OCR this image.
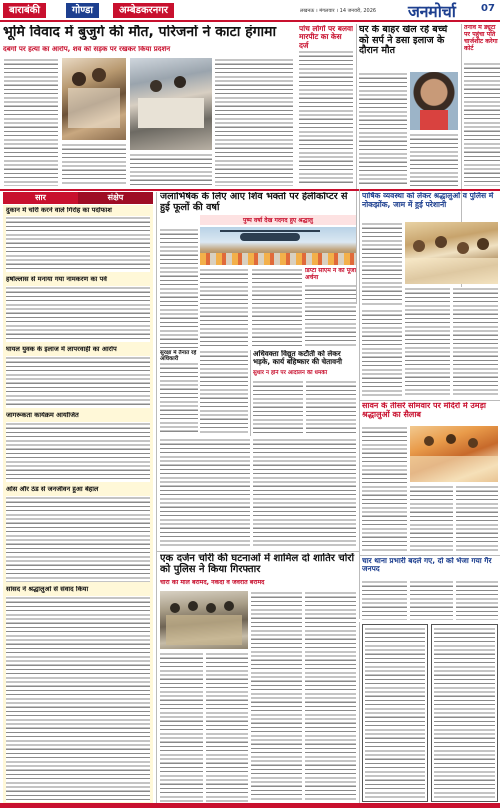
बाराबंकी	गोण्डा	अम्बेडकरनगर	लखनऊ । मंगलवार । 14 जनवरी, 2026 जनमोर्चा	07
भूमि विवाद में बुजुर्ग की मौत, परिजनों ने काटा हंगामा
दबंगों पर हत्या का आरोप, शव को सड़क पर रखकर किया प्रदर्शन
पांच लोगों पर बलवा मारपीट का केस दर्ज
घर के बाहर खेल रहे बच्चे को सर्प ने डसा इलाज के दौरान मौत
तनाव में ड्यूटी पर पहुंचा पति चार्जशीट करेगा कोर्ट
सार	संक्षेप
दुकान में चोरी करने वाले गिरोह का पर्दाफाश
हर्षोल्लास से मनाया गया नामकरण का पर्व
घायल युवक के इलाज में लापरवाही का आरोप
जागरूकता कार्यक्रम आयोजित
ओस और ठंड से जनजीवन हुआ बेहाल
सांसद ने श्रद्धालुओं से संवाद किया
जलाभिषेक के लिए आए शिव भक्तों पर हेलीकॉप्टर से हुई फूलों की वर्षा
पुष्प वर्षा देख गदगद हुए श्रद्धालु
डिप्टी सीएम ने की पूजा अर्चना
सुरक्षा में तैनात रहे अधिकारी
अधिवक्ता विद्युत कटौती को लेकर भड़के, कार्य बहिष्कार की चेतावनी
सुधार न होने पर आंदोलन की धमकी
पार्षिक व्यवस्था को लेकर श्रद्धालुओं व पुलिस में नोकझोंक, जाम में हुई परेशानी
सावन के तीसरे सोमवार पर मंदिरों में उमड़ा श्रद्धालुओं का सैलाब
चार थाना प्रभारी बदले गए, दो को भेजा गया गैर जनपद
एक दर्जन चोरी की घटनाओं में शामिल दो शातिर चोरों को पुलिस ने किया गिरफ्तार
चोरी का माल बरामद, नकदी व जेवरात बरामद
